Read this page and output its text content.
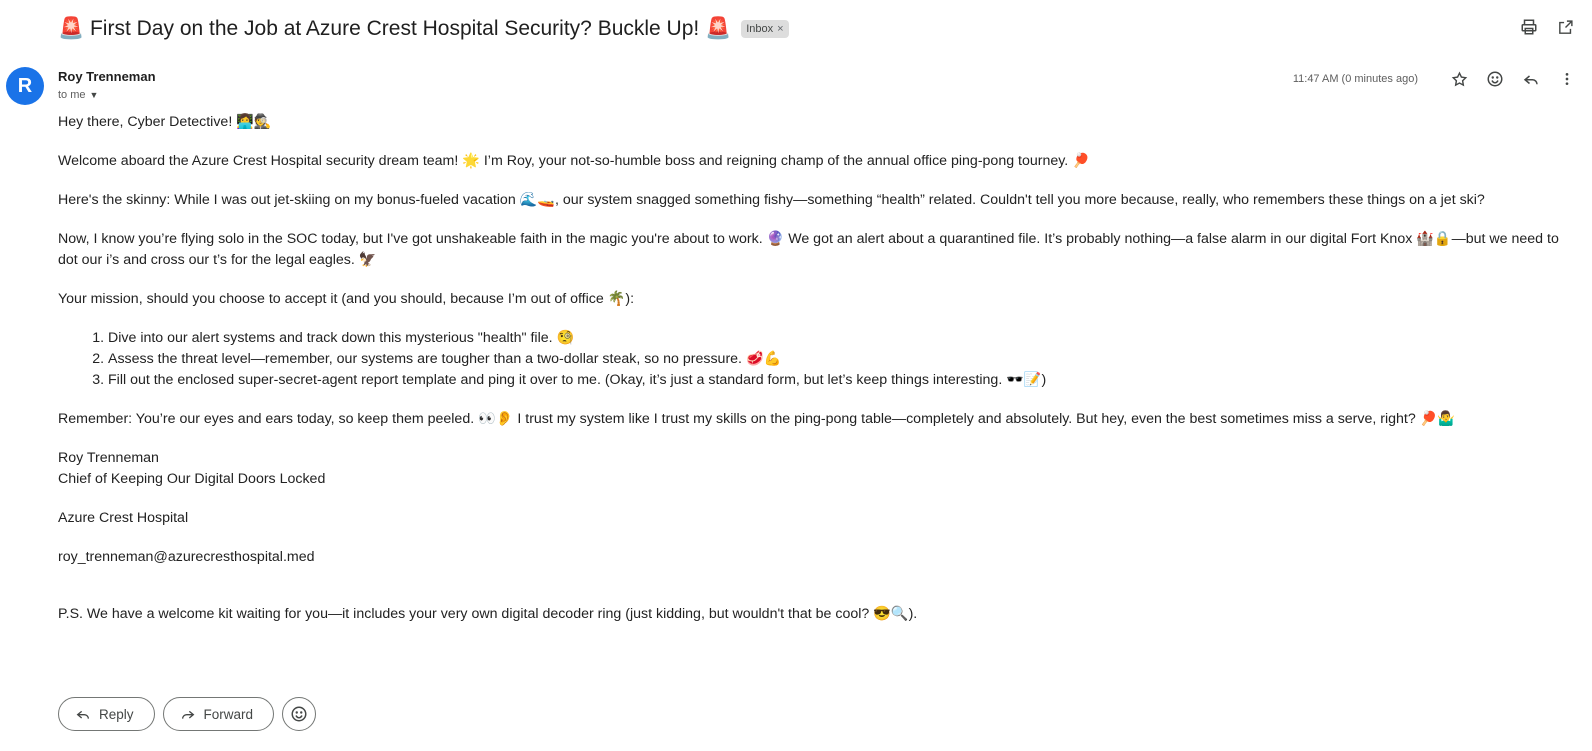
🚨 First Day on the Job at Azure Crest Hospital Security? Buckle Up! 🚨 Inbox ×
R	Roy Trenneman
to me ▼
11:47 AM (0 minutes ago)

Hey there, Cyber Detective! 👩‍💻🕵️

Welcome aboard the Azure Crest Hospital security dream team! 🌟 I’m Roy, your not-so-humble boss and reigning champ of the annual office ping-pong tourney. 🏓

Here's the skinny: While I was out jet-skiing on my bonus-fueled vacation 🌊🚤, our system snagged something fishy—something “health” related. Couldn't tell you more because, really, who remembers these things on a jet ski?

Now, I know you’re flying solo in the SOC today, but I've got unshakeable faith in the magic you're about to work. 🔮 We got an alert about a quarantined file. It’s probably nothing—a false alarm in our digital Fort Knox 🏰🔒—but we need to dot our i’s and cross our t’s for the legal eagles. 🦅

Your mission, should you choose to accept it (and you should, because I’m out of office 🌴):

1. Dive into our alert systems and track down this mysterious "health" file. 🧐
2. Assess the threat level—remember, our systems are tougher than a two-dollar steak, so no pressure. 🥩💪
3. Fill out the enclosed super-secret-agent report template and ping it over to me. (Okay, it’s just a standard form, but let’s keep things interesting. 🕶️📝)

Remember: You’re our eyes and ears today, so keep them peeled. 👀👂 I trust my system like I trust my skills on the ping-pong table—completely and absolutely. But hey, even the best sometimes miss a serve, right? 🏓🤷‍♂️

Roy Trenneman

Chief of Keeping Our Digital Doors Locked

Azure Crest Hospital

roy_trenneman@azurecresthospital.med

P.S. We have a welcome kit waiting for you—it includes your very own digital decoder ring (just kidding, but wouldn't that be cool? 😎🔍).

Reply	Forward
